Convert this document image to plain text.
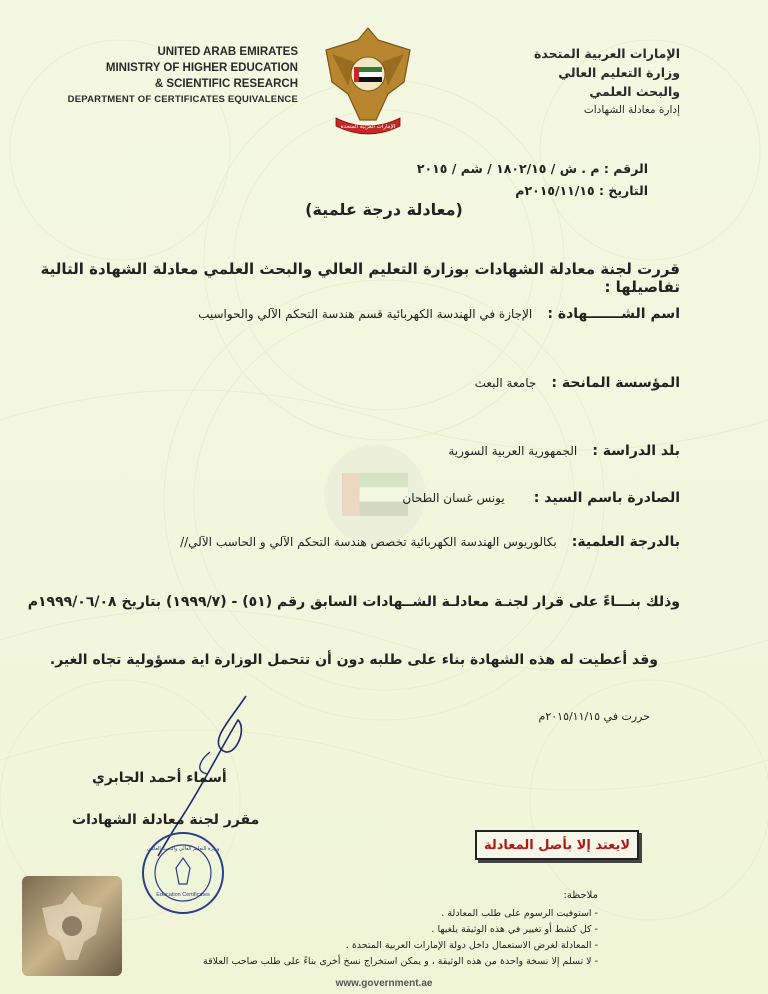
UNITED ARAB EMIRATES
MINISTRY OF HIGHER EDUCATION
& SCIENTIFIC RESEARCH
DEPARTMENT OF CERTIFICATES EQUIVALENCE
الإمارات العربية المتحدة
الإمارات العربية المتحدة
وزارة التعليم العالي
والبحث العلمي
إدارة معادلة الشهادات
الرقم : م . ش / ١٨٠٢/١٥ / شم / ٢٠١٥
التاريخ : ٢٠١٥/١١/١٥م
(معادلة درجة علمية)
قررت لجنة معادلة الشهادات بوزارة التعليم العالي والبحث العلمي معادلة الشهادة التالية تفاصيلها :
اسم الشـــــــهادة : الإجازة في الهندسة الكهربائية قسم هندسة التحكم الآلي والحواسيب
المؤسسة المانحة : جامعة البعث
بلد الدراسة : الجمهورية العربية السورية
الصادرة باسم السيد : يونس غسان الطحان
بالدرجة العلمية: بكالوريوس الهندسة الكهربائية تخصص هندسة التحكم الآلي و الحاسب الآلي//
وذلك بنـــاءً على قرار لجنـة معادلـة الشــهادات السابق رقم (٥١) - (١٩٩٩/٧) بتاريخ ١٩٩٩/٠٦/٠٨م
وقد أعطيت له هذه الشهادة بناء على طلبه دون أن تتحمل الوزارة اية مسؤولية تجاه الغير.
حررت في ٢٠١٥/١١/١٥م
أسماء أحمد الجابري
مقرر لجنة معادلة الشهادات
لايعتد إلا بأصل المعادلة
وزارة التعليم العالي والبحث العلمي
Education Certificates	ملاحظة:
- استوفيت الرسوم على طلب المعادلة .
- كل كشط أو تغيير في هذه الوثيقة يلغيها .
- المعادلة لغرض الاستعمال داخل دولة الإمارات العربية المتحدة .
- لا تسلم إلا نسخة واحدة من هذه الوثيقة ، و يمكن استخراج نسخ أخرى بناءً على طلب صاحب العلاقة
www.government.ae
